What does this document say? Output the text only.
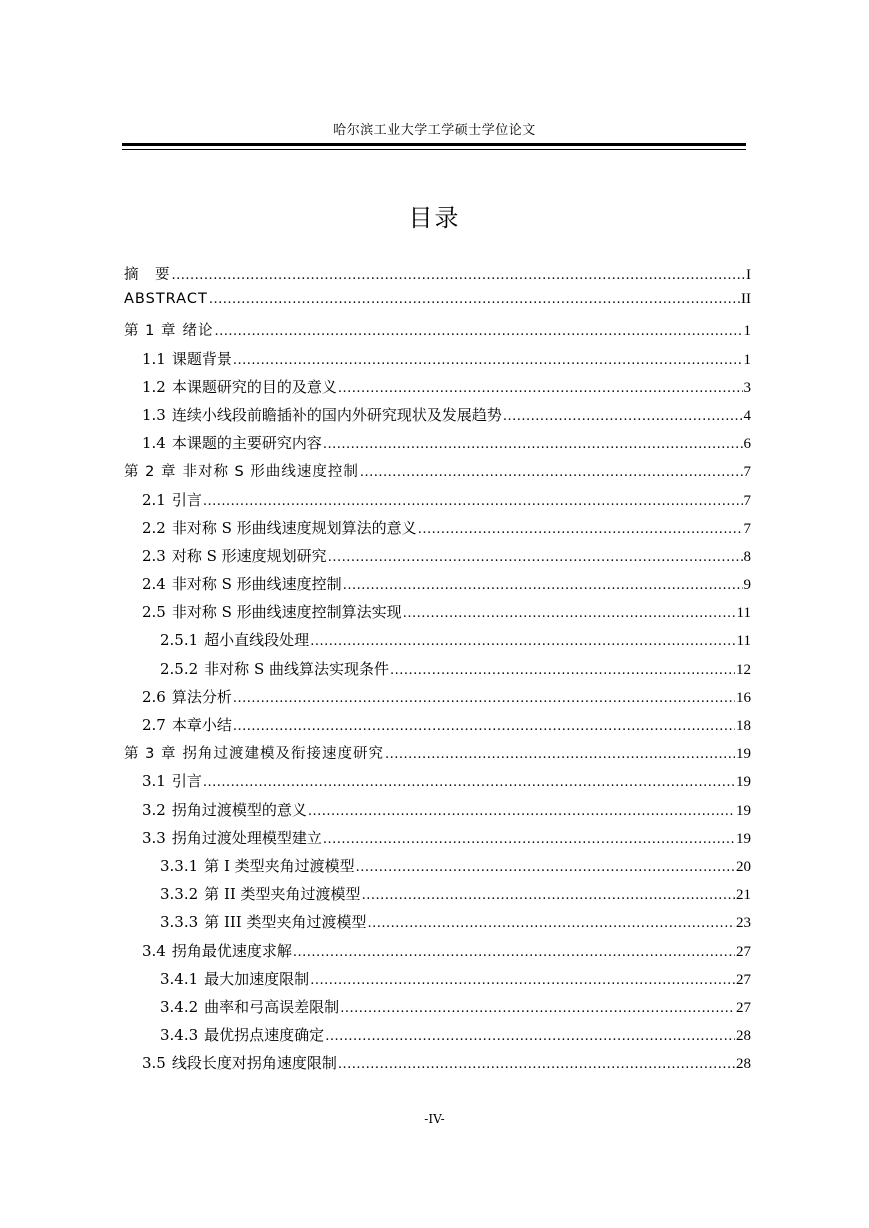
哈尔滨工业大学工学硕士学位论文
目录
摘　要 .....	I
ABSTRACT .....	II
第 1 章 绪论 .....	1
1.1 课题背景 .....	1
1.2 本课题研究的目的及意义 .....	3
1.3 连续小线段前瞻插补的国内外研究现状及发展趋势 .....	4
1.4 本课题的主要研究内容 .....	6
第 2 章 非对称 S 形曲线速度控制 .....	7
2.1 引言 .....	7
2.2 非对称 S 形曲线速度规划算法的意义 .....	7
2.3 对称 S 形速度规划研究 .....	8
2.4 非对称 S 形曲线速度控制 .....	9
2.5 非对称 S 形曲线速度控制算法实现 .....	11
2.5.1 超小直线段处理 .....	11
2.5.2 非对称 S 曲线算法实现条件 .....	12
2.6 算法分析 .....	16
2.7 本章小结 .....	18
第 3 章 拐角过渡建模及衔接速度研究 .....	19
3.1 引言 .....	19
3.2 拐角过渡模型的意义 .....	19
3.3 拐角过渡处理模型建立 .....	19
3.3.1 第 I 类型夹角过渡模型 .....	20
3.3.2 第 II 类型夹角过渡模型 .....	21
3.3.3 第 III 类型夹角过渡模型 .....	23
3.4 拐角最优速度求解 .....	27
3.4.1 最大加速度限制 .....	27
3.4.2 曲率和弓高误差限制 .....	27
3.4.3 最优拐点速度确定 .....	28
3.5 线段长度对拐角速度限制 .....	28
-IV-
